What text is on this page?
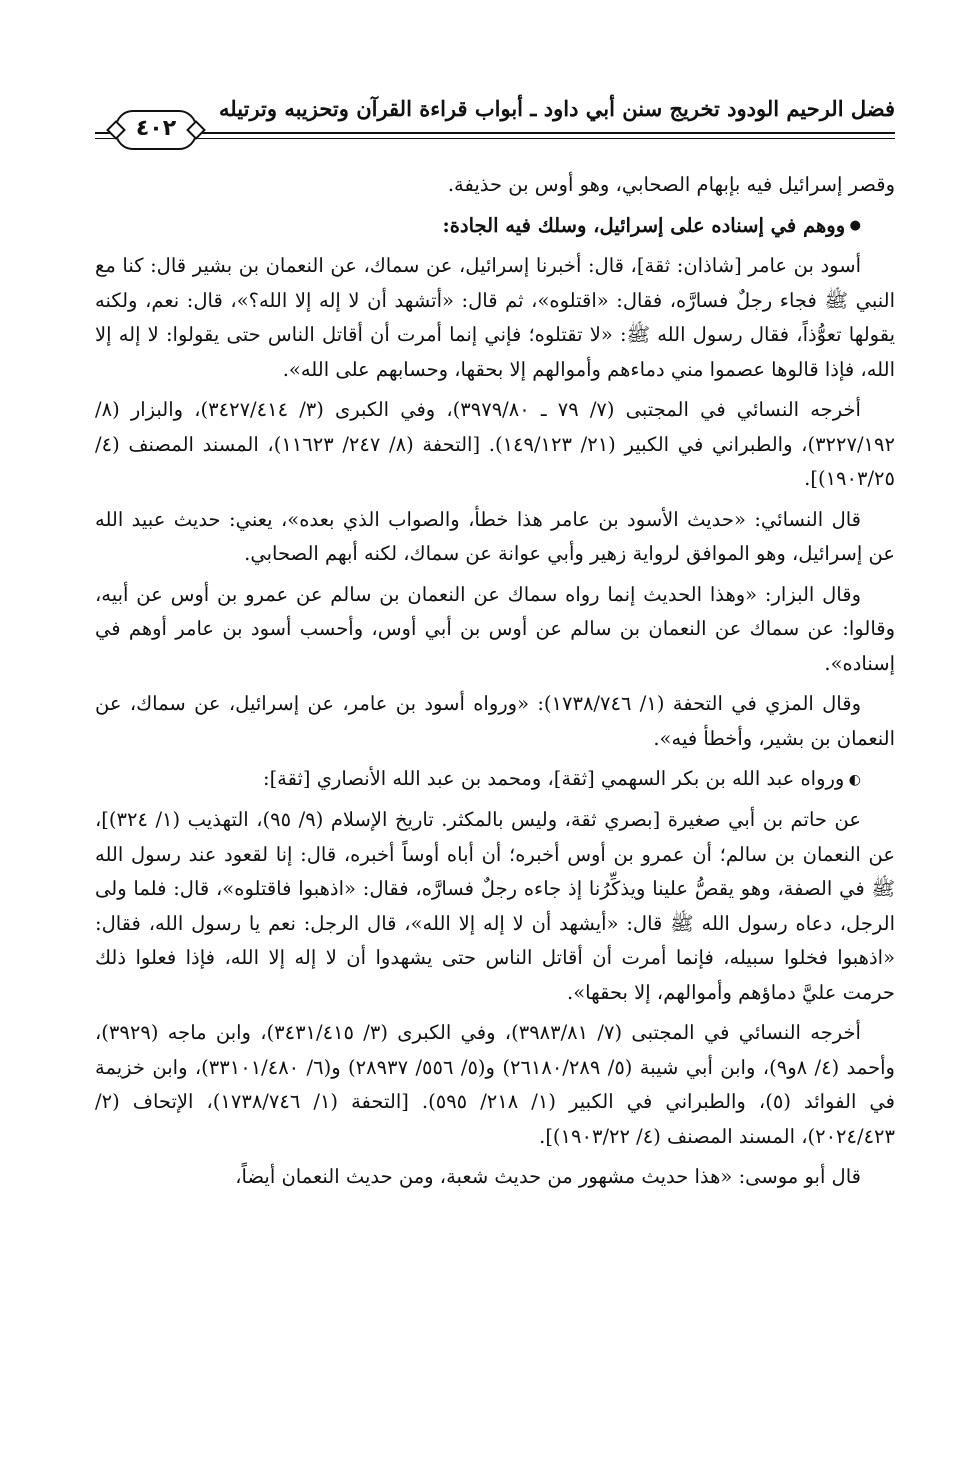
فضل الرحيم الودود تخريج سنن أبي داود ـ أبواب قراءة القرآن وتحزيبه وترتيله
٤٠٢

وقصر إسرائيل فيه بإبهام الصحابي، وهو أوس بن حذيفة.

● ووهم في إسناده على إسرائيل، وسلك فيه الجادة:

أسود بن عامر [شاذان: ثقة]، قال: أخبرنا إسرائيل، عن سماك، عن النعمان بن بشير قال: كنا مع النبي ﷺ فجاء رجلٌ فسارَّه، فقال: «اقتلوه»، ثم قال: «أتشهد أن لا إله إلا الله؟»، قال: نعم، ولكنه يقولها تعوُّذاً، فقال رسول الله ﷺ: «لا تقتلوه؛ فإني إنما أمرت أن أقاتل الناس حتى يقولوا: لا إله إلا الله، فإذا قالوها عصموا مني دماءهم وأموالهم إلا بحقها، وحسابهم على الله».

أخرجه النسائي في المجتبى (٧/ ٧٩ ـ ٣٩٧٩/٨٠)، وفي الكبرى (٣/ ٣٤٢٧/٤١٤)، والبزار (٨/ ٣٢٢٧/١٩٢)، والطبراني في الكبير (٢١/ ١٤٩/١٢٣). [التحفة (٨/ ٢٤٧/ ١١٦٢٣)، المسند المصنف (٤/ ١٩٠٣/٢٥)].

قال النسائي: «حديث الأسود بن عامر هذا خطأ، والصواب الذي بعده»، يعني: حديث عبيد الله عن إسرائيل، وهو الموافق لرواية زهير وأبي عوانة عن سماك، لكنه أبهم الصحابي.

وقال البزار: «وهذا الحديث إنما رواه سماك عن النعمان بن سالم عن عمرو بن أوس عن أبيه، وقالوا: عن سماك عن النعمان بن سالم عن أوس بن أبي أوس، وأحسب أسود بن عامر أوهم في إسناده».

وقال المزي في التحفة (١/ ١٧٣٨/٧٤٦): «ورواه أسود بن عامر، عن إسرائيل، عن سماك، عن النعمان بن بشير، وأخطأ فيه».

◐ ورواه عبد الله بن بكر السهمي [ثقة]، ومحمد بن عبد الله الأنصاري [ثقة]:

عن حاتم بن أبي صغيرة [بصري ثقة، وليس بالمكثر. تاريخ الإسلام (٩/ ٩٥)، التهذيب (١/ ٣٢٤)]، عن النعمان بن سالم؛ أن عمرو بن أوس أخبره؛ أن أباه أوساً أخبره، قال: إنا لقعود عند رسول الله ﷺ في الصفة، وهو يقصُّ علينا ويذكِّرُنا إذ جاءه رجلٌ فسارَّه، فقال: «اذهبوا فاقتلوه»، قال: فلما ولى الرجل، دعاه رسول الله ﷺ قال: «أيشهد أن لا إله إلا الله»، قال الرجل: نعم يا رسول الله، فقال: «اذهبوا فخلوا سبيله، فإنما أمرت أن أقاتل الناس حتى يشهدوا أن لا إله إلا الله، فإذا فعلوا ذلك حرمت عليَّ دماؤهم وأموالهم، إلا بحقها».

أخرجه النسائي في المجتبى (٧/ ٣٩٨٣/٨١)، وفي الكبرى (٣/ ٣٤٣١/٤١٥)، وابن ماجه (٣٩٢٩)، وأحمد (٤/ ٨و٩)، وابن أبي شيبة (٥/ ٢٦١٨٠/٢٨٩) و(٥/ ٥٥٦/ ٢٨٩٣٧) و(٦/ ٣٣١٠١/٤٨٠)، وابن خزيمة في الفوائد (٥)، والطبراني في الكبير (١/ ٢١٨/ ٥٩٥). [التحفة (١/ ١٧٣٨/٧٤٦)، الإتحاف (٢/ ٢٠٢٤/٤٢٣)، المسند المصنف (٤/ ١٩٠٣/٢٢)].

قال أبو موسى: «هذا حديث مشهور من حديث شعبة، ومن حديث النعمان أيضاً،
